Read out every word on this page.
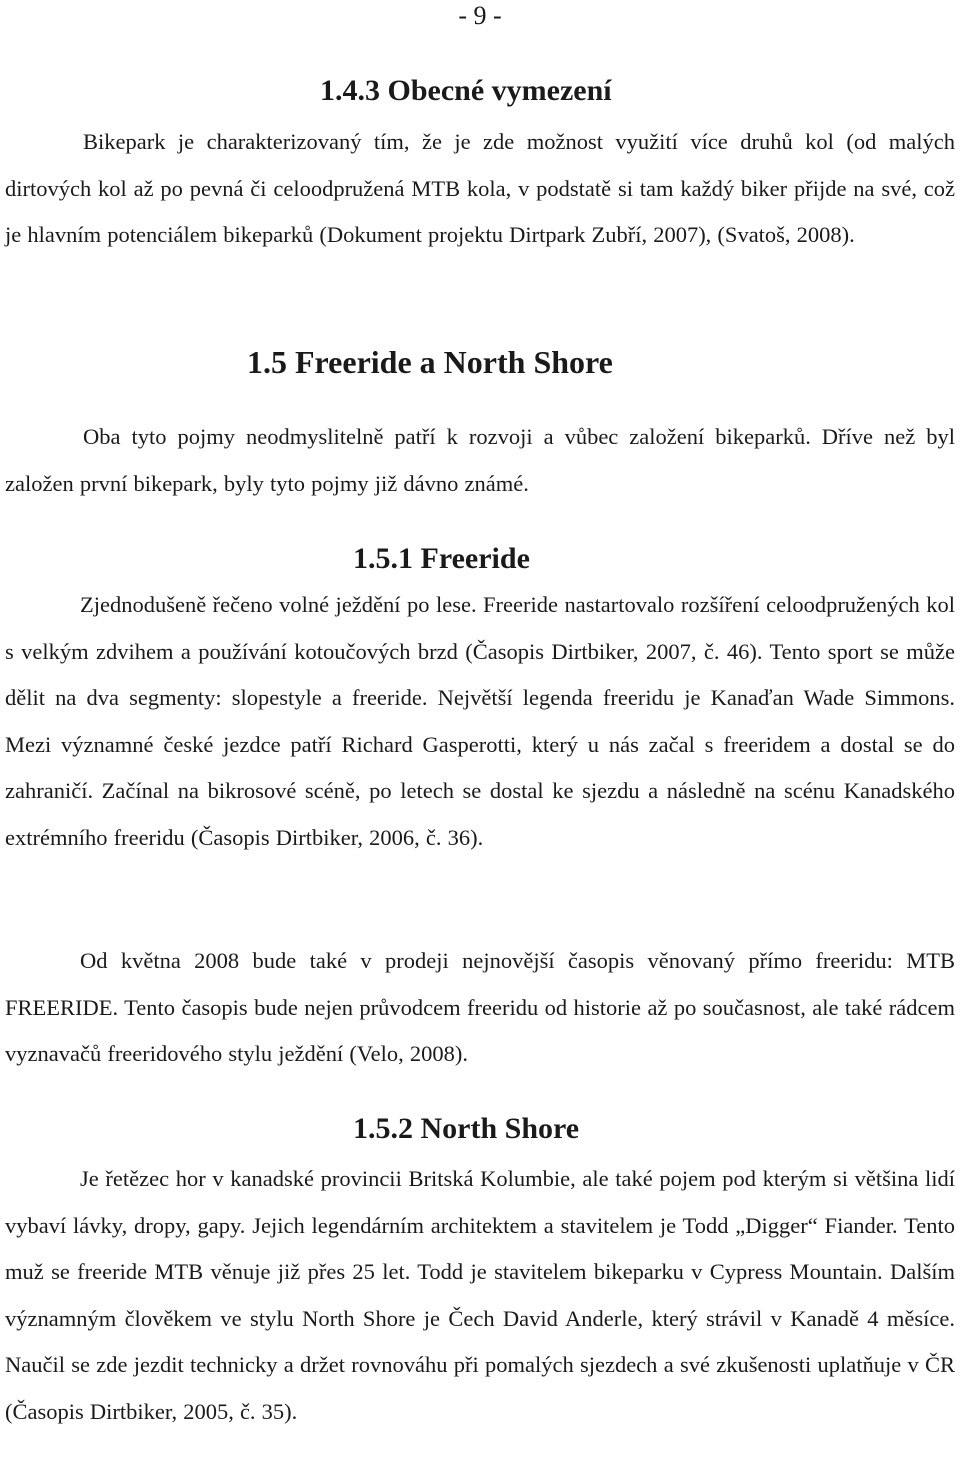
- 9 -
1.4.3 Obecné vymezení
Bikepark je charakterizovaný tím, že je zde možnost využití více druhů kol (od malých dirtových kol až po pevná či celoodpružená MTB kola, v podstatě si tam každý biker přijde na své, což je hlavním potenciálem bikeparků (Dokument projektu Dirtpark Zubří, 2007), (Svatoš, 2008).
1.5 Freeride a North Shore
Oba tyto pojmy neodmyslitelně patří k rozvoji a vůbec založení bikeparků. Dříve než byl založen první bikepark, byly tyto pojmy již dávno známé.
1.5.1 Freeride
Zjednodušeně řečeno volné ježdění po lese. Freeride nastartovalo rozšíření celoodpružených kol s velkým zdvihem a používání kotoučových brzd (Časopis Dirtbiker, 2007, č. 46). Tento sport se může dělit na dva segmenty: slopestyle a freeride. Největší legenda freeridu je Kanaďan Wade Simmons. Mezi významné české jezdce patří Richard Gasperotti, který u nás začal s freeridem a dostal se do zahraničí. Začínal na bikrosové scéně, po letech se dostal ke sjezdu a následně na scénu Kanadského extrémního freeridu (Časopis Dirtbiker, 2006, č. 36).
Od května 2008 bude také v prodeji nejnovější časopis věnovaný přímo freeridu: MTB FREERIDE. Tento časopis bude nejen průvodcem freeridu od historie až po současnost, ale také rádcem vyznavačů freeridového stylu ježdění (Velo, 2008).
1.5.2 North Shore
Je řetězec hor v kanadské provincii Britská Kolumbie, ale také pojem pod kterým si většina lidí vybaví lávky, dropy, gapy. Jejich legendárním architektem a stavitelem je Todd „Digger“ Fiander. Tento muž se freeride MTB věnuje již přes 25 let. Todd je stavitelem bikeparku v Cypress Mountain. Dalším významným člověkem ve stylu North Shore je Čech David Anderle, který strávil v Kanadě 4 měsíce. Naučil se zde jezdit technicky a držet rovnováhu při pomalých sjezdech a své zkušenosti uplatňuje v ČR (Časopis Dirtbiker, 2005, č. 35).
